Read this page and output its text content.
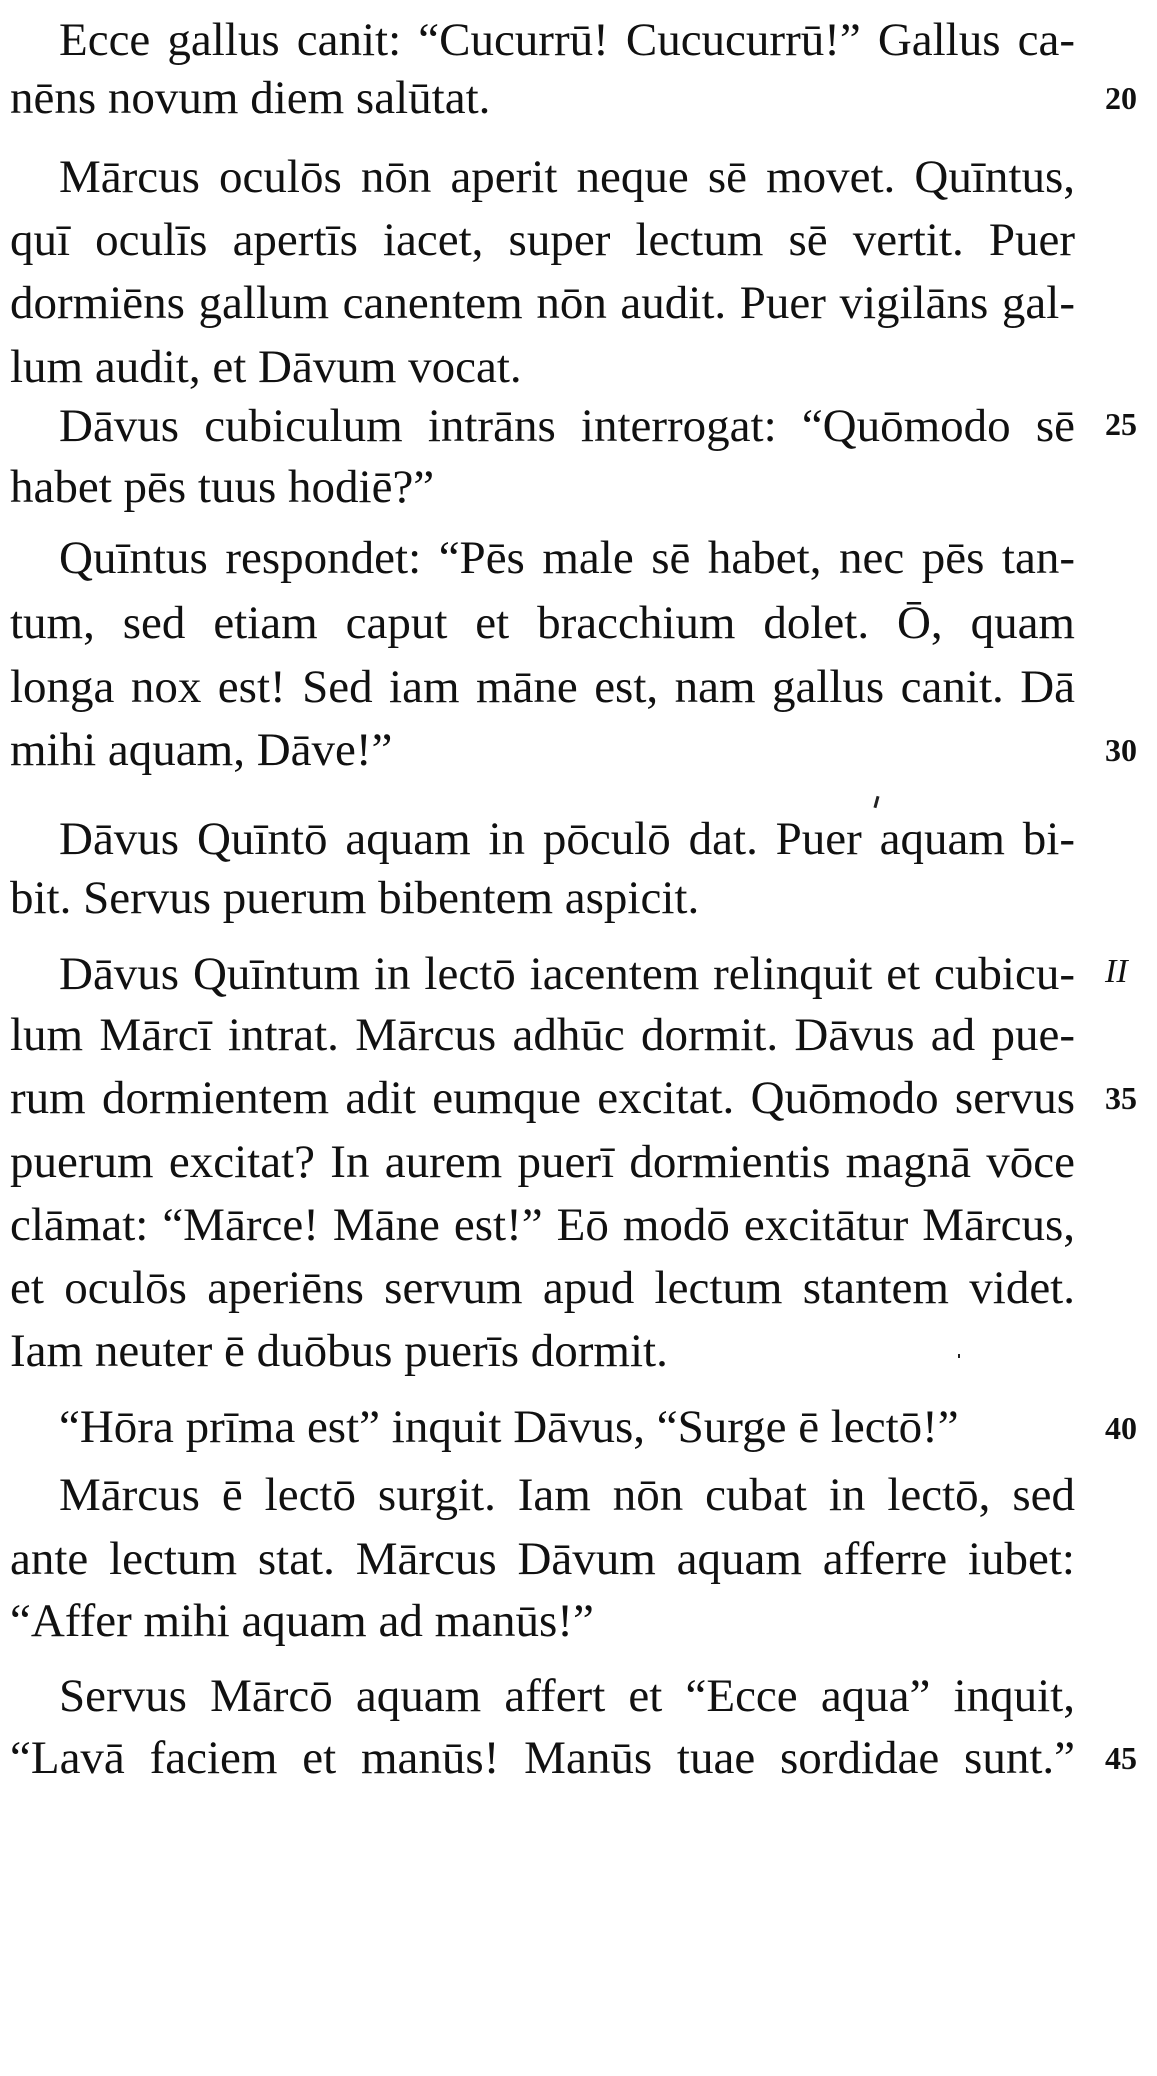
Ecce gallus canit: “Cucurrū! Cucucurrū!” Gallus ca-
nēns novum diem salūtat.	20
Mārcus oculōs nōn aperit neque sē movet. Quīntus,
quī oculīs apertīs iacet, super lectum sē vertit. Puer
dormiēns gallum canentem nōn audit. Puer vigilāns gal-
lum audit, et Dāvum vocat.
Dāvus cubiculum intrāns interrogat: “Quōmodo sē 25
habet pēs tuus hodiē?”
Quīntus respondet: “Pēs male sē habet, nec pēs tan-
tum, sed etiam caput et bracchium dolet. Ō, quam
longa nox est! Sed iam māne est, nam gallus canit. Dā
mihi aquam, Dāve!”	30
Dāvus Quīntō aquam in pōculō dat. Puer aquam bi-
bit. Servus puerum bibentem aspicit.
Dāvus Quīntum in lectō iacentem relinquit et cubicu- II
lum Mārcī intrat. Mārcus adhūc dormit. Dāvus ad pue-
rum dormientem adit eumque excitat. Quōmodo servus 35
puerum excitat? In aurem puerī dormientis magnā vōce
clāmat: “Mārce! Māne est!” Eō modō excitātur Mārcus,
et oculōs aperiēns servum apud lectum stantem videt.
Iam neuter ē duōbus puerīs dormit.
“Hōra prīma est” inquit Dāvus, “Surge ē lectō!”	40
Mārcus ē lectō surgit. Iam nōn cubat in lectō, sed
ante lectum stat. Mārcus Dāvum aquam afferre iubet:
“Affer mihi aquam ad manūs!”
Servus Mārcō aquam affert et “Ecce aqua” inquit,
“Lavā faciem et manūs! Manūs tuae sordidae sunt.” 45
